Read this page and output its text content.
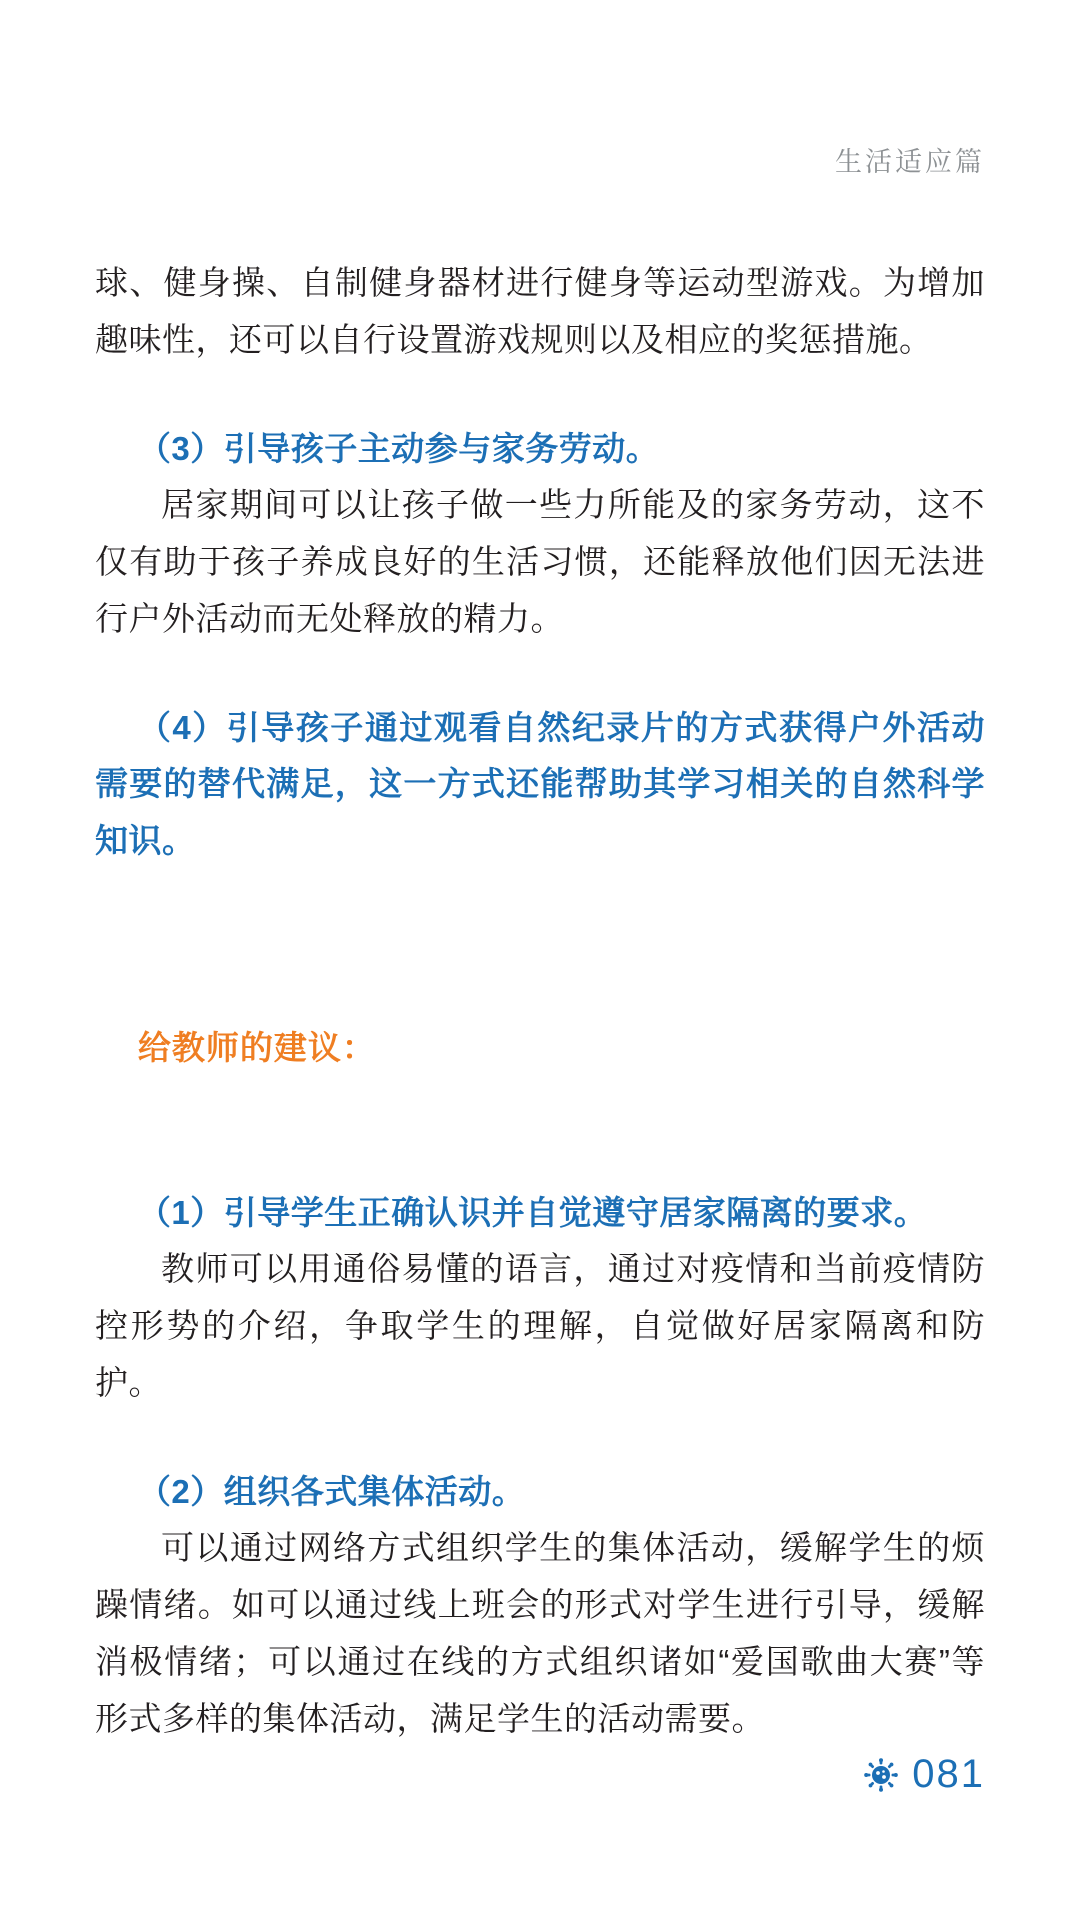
生活适应篇

球、健身操、自制健身器材进行健身等运动型游戏。为增加趣味性，还可以自行设置游戏规则以及相应的奖惩措施。

（3）引导孩子主动参与家务劳动。

居家期间可以让孩子做一些力所能及的家务劳动，这不仅有助于孩子养成良好的生活习惯，还能释放他们因无法进行户外活动而无处释放的精力。

（4）引导孩子通过观看自然纪录片的方式获得户外活动需要的替代满足，这一方式还能帮助其学习相关的自然科学知识。

给教师的建议：

（1）引导学生正确认识并自觉遵守居家隔离的要求。

教师可以用通俗易懂的语言，通过对疫情和当前疫情防控形势的介绍，争取学生的理解，自觉做好居家隔离和防护。

（2）组织各式集体活动。

可以通过网络方式组织学生的集体活动，缓解学生的烦躁情绪。如可以通过线上班会的形式对学生进行引导，缓解消极情绪；可以通过在线的方式组织诸如“爱国歌曲大赛”等形式多样的集体活动，满足学生的活动需要。

081
